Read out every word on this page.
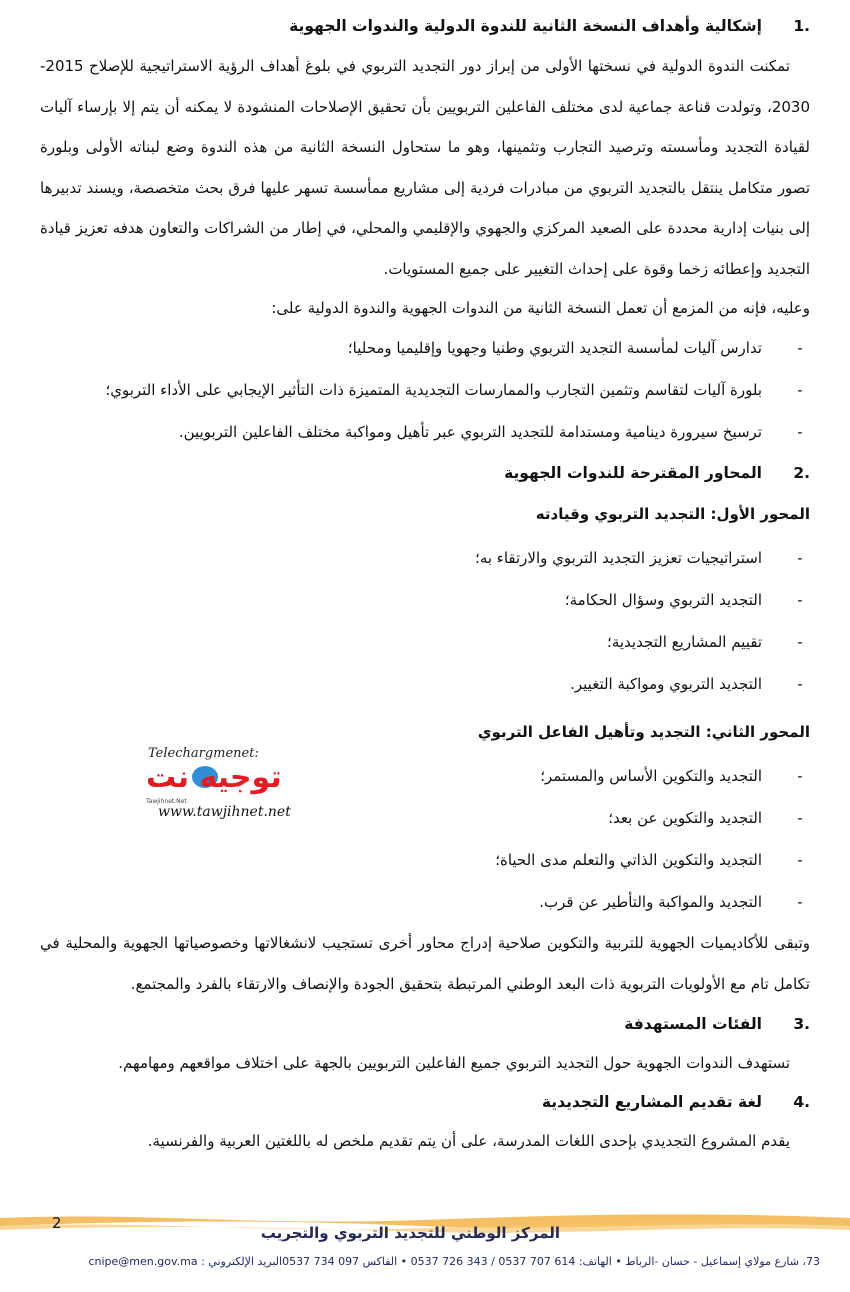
.1إشكالية وأهداف النسخة الثانية للندوة الدولية والندوات الجهوية

تمكنت الندوة الدولية في نسختها الأولى من إبراز دور التجديد التربوي في بلوغ أهداف الرؤية الاستراتيجية للإصلاح 2015-2030، وتولدت قناعة جماعية لدى مختلف الفاعلين التربويين بأن تحقيق الإصلاحات المنشودة لا يمكنه أن يتم إلا بإرساء آليات لقيادة التجديد ومأسسته وترصيد التجارب وتثمينها، وهو ما ستحاول النسخة الثانية من هذه الندوة وضع لبناته الأولى وبلورة تصور متكامل ينتقل بالتجديد التربوي من مبادرات فردية إلى مشاريع ممأسسة تسهر عليها فرق بحث متخصصة، ويسند تدبيرها إلى بنيات إدارية محددة على الصعيد المركزي والجهوي والإقليمي والمحلي، في إطار من الشراكات والتعاون هدفه تعزيز قيادة التجديد وإعطائه زخما وقوة على إحداث التغيير على جميع المستويات.

وعليه، فإنه من المزمع أن تعمل النسخة الثانية من الندوات الجهوية والندوة الدولية على:

-
تدارس آليات لمأسسة التجديد التربوي وطنيا وجهويا وإقليميا ومحليا؛
-
بلورة آليات لتقاسم وتثمين التجارب والممارسات التجديدية المتميزة ذات التأثير الإيجابي على الأداء التربوي؛
-
ترسيخ سيرورة دينامية ومستدامة للتجديد التربوي عبر تأهيل ومواكبة مختلف الفاعلين التربويين.
.2المحاور المقترحة للندوات الجهوية
المحور الأول: التجديد التربوي وقيادته
-
استراتيجيات تعزيز التجديد التربوي والارتقاء به؛
-
التجديد التربوي وسؤال الحكامة؛
-
تقييم المشاريع التجديدية؛
-
التجديد التربوي ومواكبة التغيير.
المحور الثاني: التجديد وتأهيل الفاعل التربوي
-
التجديد والتكوين الأساس والمستمر؛
-
التجديد والتكوين عن بعد؛
-
التجديد والتكوين الذاتي والتعلم مدى الحياة؛
-
التجديد والمواكبة والتأطير عن قرب.

وتبقى للأكاديميات الجهوية للتربية والتكوين صلاحية إدراج محاور أخرى تستجيب لانشغالاتها وخصوصياتها الجهوية والمحلية في تكامل تام مع الأولويات التربوية ذات البعد الوطني المرتبطة بتحقيق الجودة والإنصاف والارتقاء بالفرد والمجتمع.

.3الفئات المستهدفة

تستهدف الندوات الجهوية حول التجديد التربوي جميع الفاعلين التربويين بالجهة على اختلاف مواقعهم ومهامهم.

.4لغة تقديم المشاريع التجديدية

يقدم المشروع التجديدي بإحدى اللغات المدرسة، على أن يتم تقديم ملخص له باللغتين العربية والفرنسية.

Telechargmenet:
توجيه نت
Tawjihnet.Net
www.tawjihnet.net
2
المركز الوطني للتجديد التربوي والتجريب
73، شارع مولاي إسماعيل - حسان -الرباط • الهاتف: 614 707 0537 / 343 726 0537 • الفاكس 097 734 0537البريد الإلكتروني : cnipe@men.gov.ma
